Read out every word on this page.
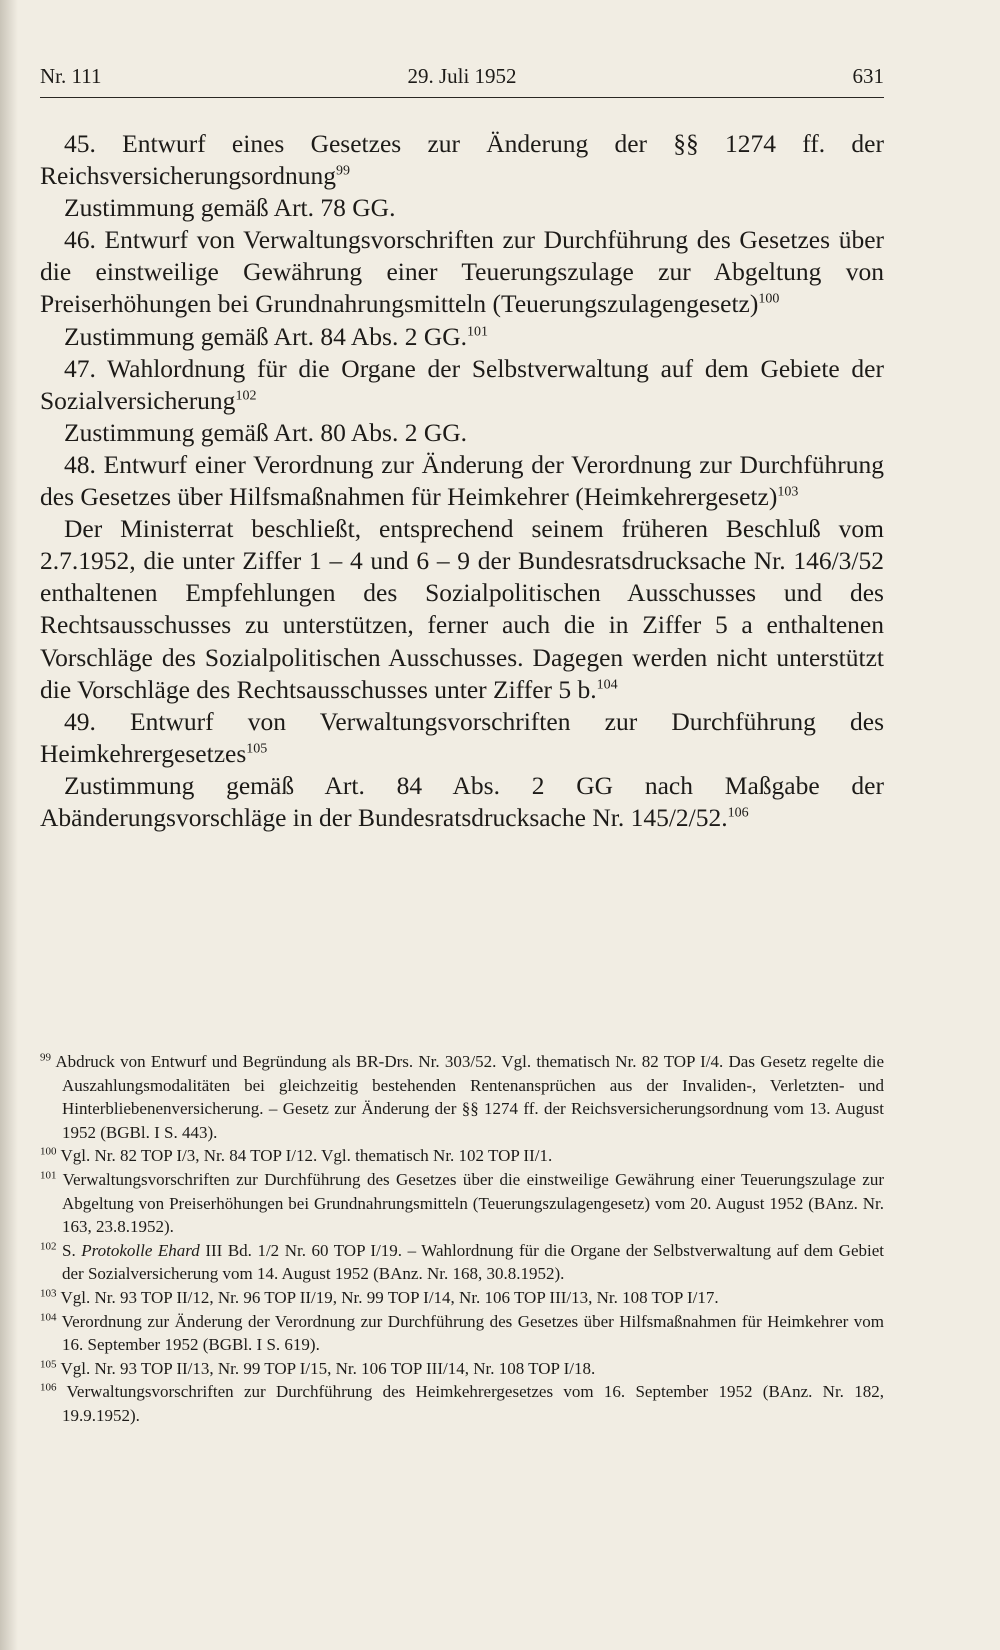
Nr. 111	29. Juli 1952	631

45. Entwurf eines Gesetzes zur Änderung der §§ 1274 ff. der Reichsversicherungsordnung$^{99}$

Zustimmung gemäß Art. 78 GG.

46. Entwurf von Verwaltungsvorschriften zur Durchführung des Gesetzes über die einstweilige Gewährung einer Teuerungszulage zur Abgeltung von Preiserhöhungen bei Grundnahrungsmitteln (Teuerungszulagengesetz)$^{100}$

Zustimmung gemäß Art. 84 Abs. 2 GG.$^{101}$

47. Wahlordnung für die Organe der Selbstverwaltung auf dem Gebiete der Sozialversicherung$^{102}$

Zustimmung gemäß Art. 80 Abs. 2 GG.

48. Entwurf einer Verordnung zur Änderung der Verordnung zur Durchführung des Gesetzes über Hilfsmaßnahmen für Heimkehrer (Heimkehrergesetz)$^{103}$

Der Ministerrat beschließt, entsprechend seinem früheren Beschluß vom 2.7.1952, die unter Ziffer 1 – 4 und 6 – 9 der Bundesratsdrucksache Nr. 146/3/52 enthaltenen Empfehlungen des Sozialpolitischen Ausschusses und des Rechtsausschusses zu unterstützen, ferner auch die in Ziffer 5 a enthaltenen Vorschläge des Sozialpolitischen Ausschusses. Dagegen werden nicht unterstützt die Vorschläge des Rechtsausschusses unter Ziffer 5 b.$^{104}$

49. Entwurf von Verwaltungsvorschriften zur Durchführung des Heimkehrergesetzes$^{105}$

Zustimmung gemäß Art. 84 Abs. 2 GG nach Maßgabe der Abänderungsvorschläge in der Bundesratsdrucksache Nr. 145/2/52.$^{106}$

$^{99}$ Abdruck von Entwurf und Begründung als BR-Drs. Nr. 303/52. Vgl. thematisch Nr. 82 TOP I/4. Das Gesetz regelte die Auszahlungsmodalitäten bei gleichzeitig bestehenden Rentenansprüchen aus der Invaliden-, Verletzten- und Hinterbliebenenversicherung. – Gesetz zur Änderung der §§ 1274 ff. der Reichsversicherungsordnung vom 13. August 1952 (BGBl. I S. 443).

$^{100}$ Vgl. Nr. 82 TOP I/3, Nr. 84 TOP I/12. Vgl. thematisch Nr. 102 TOP II/1.

$^{101}$ Verwaltungsvorschriften zur Durchführung des Gesetzes über die einstweilige Gewährung einer Teuerungszulage zur Abgeltung von Preiserhöhungen bei Grundnahrungsmitteln (Teuerungszulagengesetz) vom 20. August 1952 (BAnz. Nr. 163, 23.8.1952).

$^{102}$ S. Protokolle Ehard III Bd. 1/2 Nr. 60 TOP I/19. – Wahlordnung für die Organe der Selbstverwaltung auf dem Gebiet der Sozialversicherung vom 14. August 1952 (BAnz. Nr. 168, 30.8.1952).

$^{103}$ Vgl. Nr. 93 TOP II/12, Nr. 96 TOP II/19, Nr. 99 TOP I/14, Nr. 106 TOP III/13, Nr. 108 TOP I/17.

$^{104}$ Verordnung zur Änderung der Verordnung zur Durchführung des Gesetzes über Hilfsmaßnahmen für Heimkehrer vom 16. September 1952 (BGBl. I S. 619).

$^{105}$ Vgl. Nr. 93 TOP II/13, Nr. 99 TOP I/15, Nr. 106 TOP III/14, Nr. 108 TOP I/18.

$^{106}$ Verwaltungsvorschriften zur Durchführung des Heimkehrergesetzes vom 16. September 1952 (BAnz. Nr. 182, 19.9.1952).
